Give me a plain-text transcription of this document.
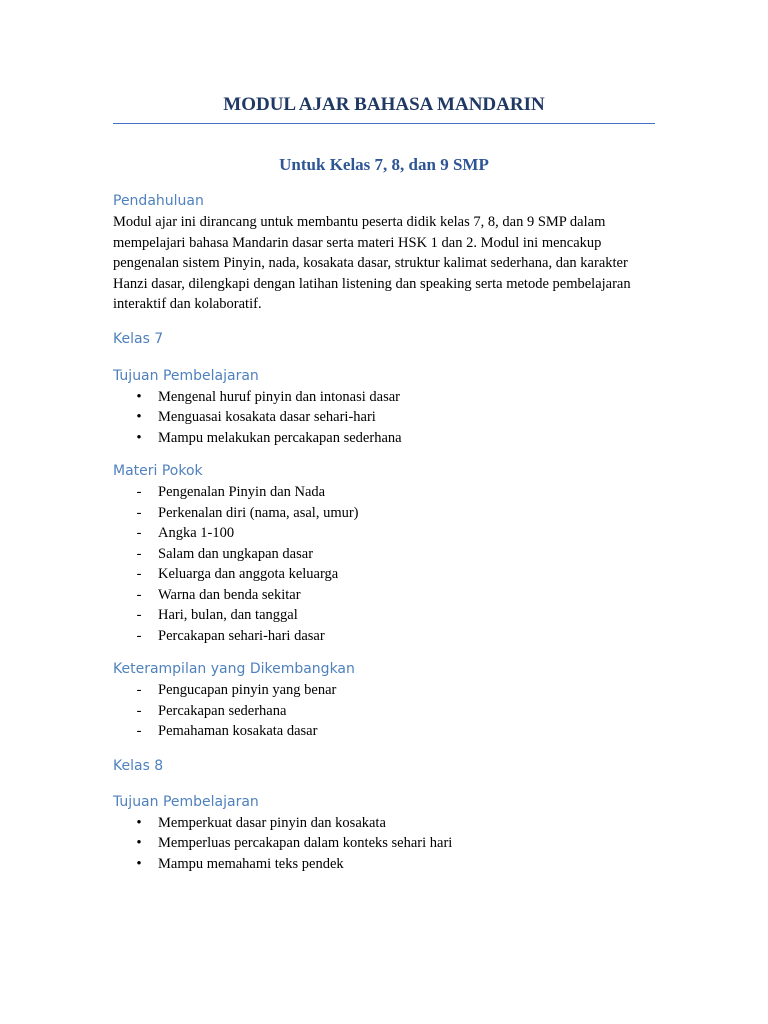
MODUL AJAR BAHASA MANDARIN
Untuk Kelas 7, 8, dan 9 SMP
Pendahuluan

Modul ajar ini dirancang untuk membantu peserta didik kelas 7, 8, dan 9 SMP dalam mempelajari bahasa Mandarin dasar serta materi HSK 1 dan 2. Modul ini mencakup pengenalan sistem Pinyin, nada, kosakata dasar, struktur kalimat sederhana, dan karakter Hanzi dasar, dilengkapi dengan latihan listening dan speaking serta metode pembelajaran interaktif dan kolaboratif.

Kelas 7
Tujuan Pembelajaran
• Mengenal huruf pinyin dan intonasi dasar
• Menguasai kosakata dasar sehari-hari
• Mampu melakukan percakapan sederhana
Materi Pokok
- Pengenalan Pinyin dan Nada
- Perkenalan diri (nama, asal, umur)
- Angka 1-100
- Salam dan ungkapan dasar
- Keluarga dan anggota keluarga
- Warna dan benda sekitar
- Hari, bulan, dan tanggal
- Percakapan sehari-hari dasar
Keterampilan yang Dikembangkan
- Pengucapan pinyin yang benar
- Percakapan sederhana
- Pemahaman kosakata dasar
Kelas 8
Tujuan Pembelajaran
• Memperkuat dasar pinyin dan kosakata
• Memperluas percakapan dalam konteks sehari hari
• Mampu memahami teks pendek
